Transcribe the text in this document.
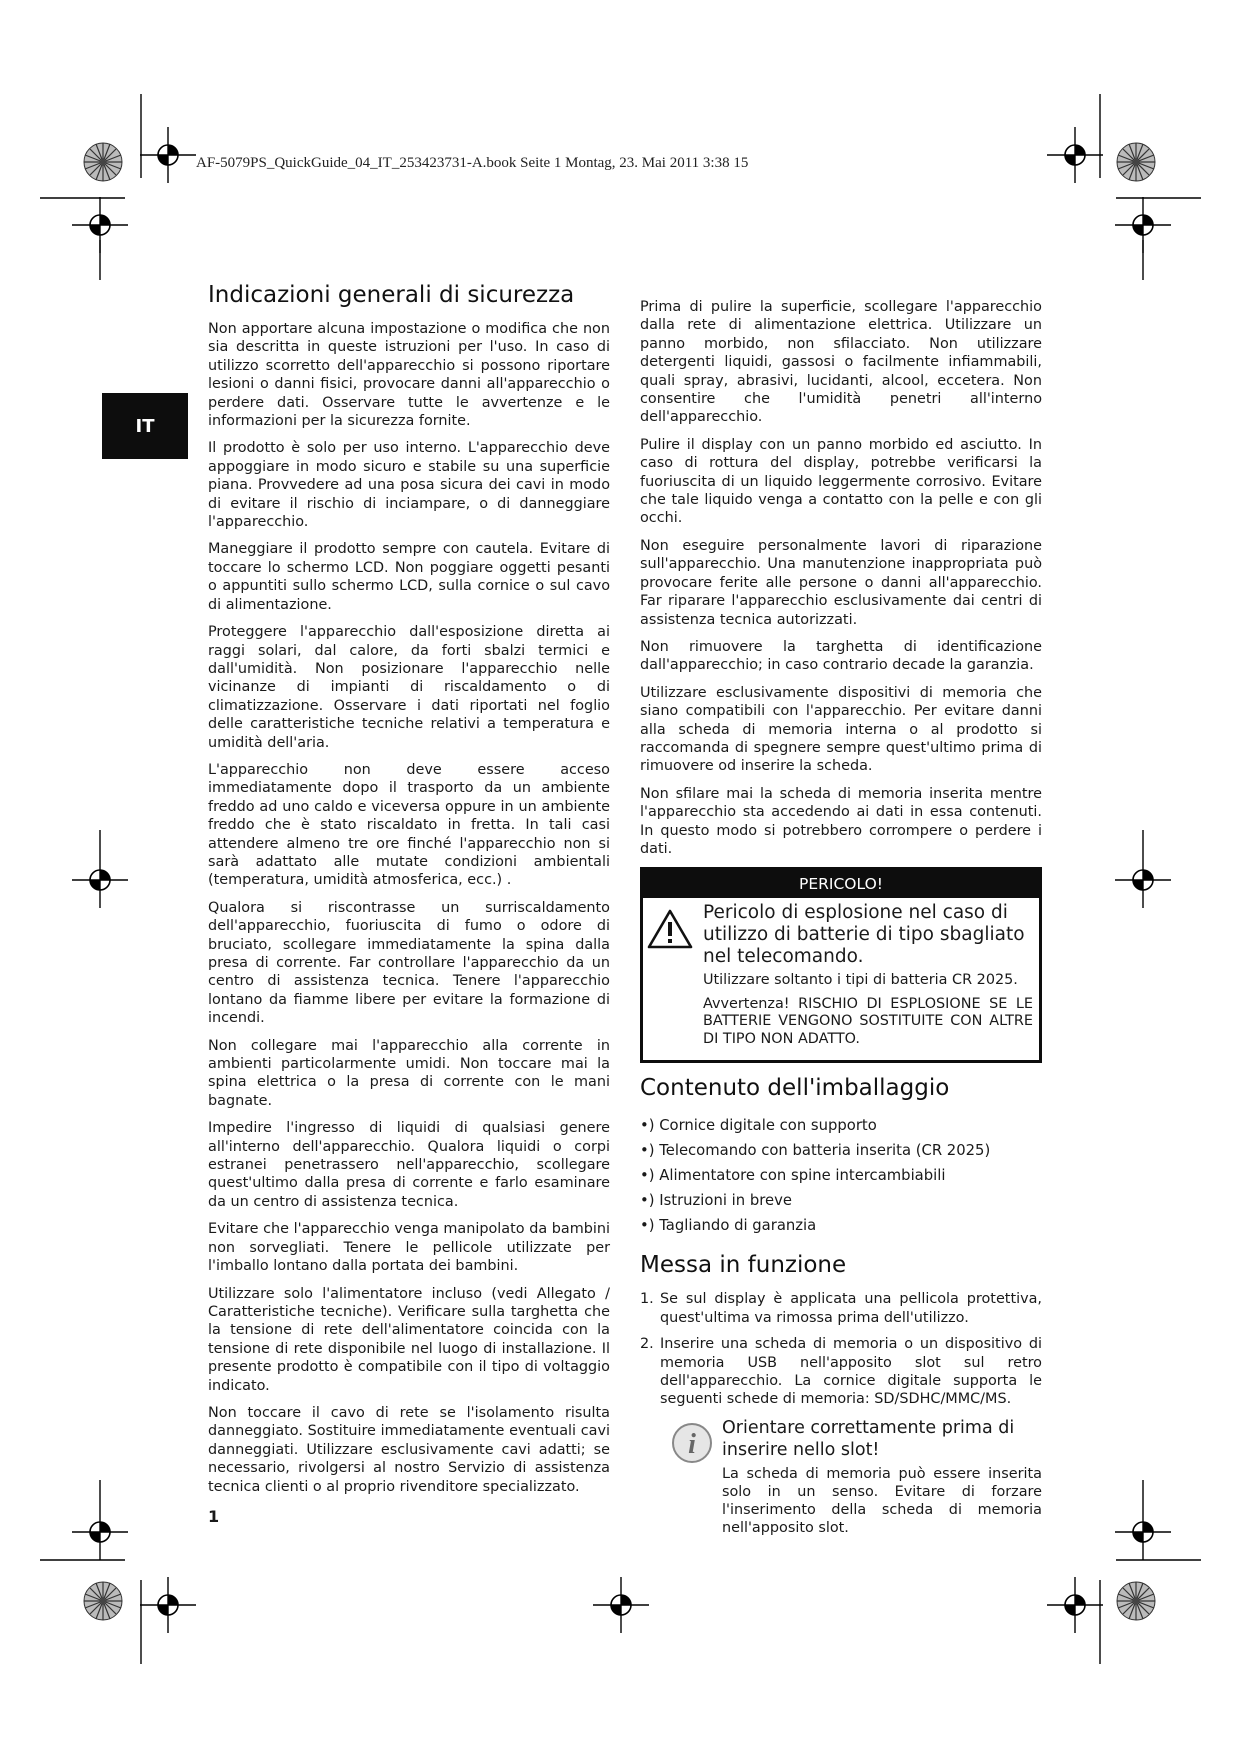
AF-5079PS_QuickGuide_04_IT_253423731-A.book Seite 1 Montag, 23. Mai 2011 3:38 15
IT
Indicazioni generali di sicurezza

Non apportare alcuna impostazione o modifica che non sia descritta in queste istruzioni per l'uso. In caso di utilizzo scorretto dell'apparecchio si possono riportare lesioni o danni fisici, provocare danni all'apparecchio o perdere dati. Osservare tutte le avvertenze e le informazioni per la sicurezza fornite.

Il prodotto è solo per uso interno. L'apparecchio deve appoggiare in modo sicuro e stabile su una superficie piana. Provvedere ad una posa sicura dei cavi in modo di evitare il rischio di inciampare, o di danneggiare l'apparecchio.

Maneggiare il prodotto sempre con cautela. Evitare di toccare lo schermo LCD. Non poggiare oggetti pesanti o appuntiti sullo schermo LCD, sulla cornice o sul cavo di alimentazione.

Proteggere l'apparecchio dall'esposizione diretta ai raggi solari, dal calore, da forti sbalzi termici e dall'umidità. Non posizionare l'apparecchio nelle vicinanze di impianti di riscaldamento o di climatizzazione. Osservare i dati riportati nel foglio delle caratteristiche tecniche relativi a temperatura e umidità dell'aria.

L'apparecchio non deve essere acceso immediatamente dopo il trasporto da un ambiente freddo ad uno caldo e viceversa oppure in un ambiente freddo che è stato riscaldato in fretta. In tali casi attendere almeno tre ore finché l'apparecchio non si sarà adattato alle mutate condizioni ambientali (temperatura, umidità atmosferica, ecc.) .

Qualora si riscontrasse un surriscaldamento dell'apparecchio, fuoriuscita di fumo o odore di bruciato, scollegare immediatamente la spina dalla presa di corrente. Far controllare l'apparecchio da un centro di assistenza tecnica. Tenere l'apparecchio lontano da fiamme libere per evitare la formazione di incendi.

Non collegare mai l'apparecchio alla corrente in ambienti particolarmente umidi. Non toccare mai la spina elettrica o la presa di corrente con le mani bagnate.

Impedire l'ingresso di liquidi di qualsiasi genere all'interno dell'apparecchio. Qualora liquidi o corpi estranei penetrassero nell'apparecchio, scollegare quest'ultimo dalla presa di corrente e farlo esaminare da un centro di assistenza tecnica.

Evitare che l'apparecchio venga manipolato da bambini non sorvegliati. Tenere le pellicole utilizzate per l'imballo lontano dalla portata dei bambini.

Utilizzare solo l'alimentatore incluso (vedi Allegato / Caratteristiche tecniche). Verificare sulla targhetta che la tensione di rete dell'alimentatore coincida con la tensione di rete disponibile nel luogo di installazione. Il presente prodotto è compatibile con il tipo di voltaggio indicato.

Non toccare il cavo di rete se l'isolamento risulta danneggiato. Sostituire immediatamente eventuali cavi danneggiati. Utilizzare esclusivamente cavi adatti; se necessario, rivolgersi al nostro Servizio di assistenza tecnica clienti o al proprio rivenditore specializzato.

Prima di pulire la superficie, scollegare l'apparecchio dalla rete di alimentazione elettrica. Utilizzare un panno morbido, non sfilacciato. Non utilizzare detergenti liquidi, gassosi o facilmente infiammabili, quali spray, abrasivi, lucidanti, alcool, eccetera. Non consentire che l'umidità penetri all'interno dell'apparecchio.

Pulire il display con un panno morbido ed asciutto. In caso di rottura del display, potrebbe verificarsi la fuoriuscita di un liquido leggermente corrosivo. Evitare che tale liquido venga a contatto con la pelle e con gli occhi.

Non eseguire personalmente lavori di riparazione sull'apparecchio. Una manutenzione inappropriata può provocare ferite alle persone o danni all'apparecchio. Far riparare l'apparecchio esclusivamente dai centri di assistenza tecnica autorizzati.

Non rimuovere la targhetta di identificazione dall'apparecchio; in caso contrario decade la garanzia.

Utilizzare esclusivamente dispositivi di memoria che siano compatibili con l'apparecchio. Per evitare danni alla scheda di memoria interna o al prodotto si raccomanda di spegnere sempre quest'ultimo prima di rimuovere od inserire la scheda.

Non sfilare mai la scheda di memoria inserita mentre l'apparecchio sta accedendo ai dati in essa contenuti. In questo modo si potrebbero corrompere o perdere i dati.

PERICOLO!
Pericolo di esplosione nel caso di utilizzo di batterie di tipo sbagliato nel telecomando.

Utilizzare soltanto i tipi di batteria CR 2025.

Avvertenza! RISCHIO DI ESPLOSIONE SE LE BATTERIE VENGONO SOSTITUITE CON ALTRE DI TIPO NON ADATTO.

Contenuto dell'imballaggio
•) Cornice digitale con supporto
•) Telecomando con batteria inserita (CR 2025)
•) Alimentatore con spine intercambiabili
•) Istruzioni in breve
•) Tagliando di garanzia
Messa in funzione
1. Se sul display è applicata una pellicola protettiva, quest'ultima va rimossa prima dell'utilizzo.
2. Inserire una scheda di memoria o un dispositivo di memoria USB nell'apposito slot sul retro dell'apparecchio. La cornice digitale supporta le seguenti schede di memoria: SD/SDHC/MMC/MS.
i
Orientare correttamente prima di inserire nello slot!
La scheda di memoria può essere inserita solo in un senso. Evitare di forzare l'inserimento della scheda di memoria nell'apposito slot.
1
